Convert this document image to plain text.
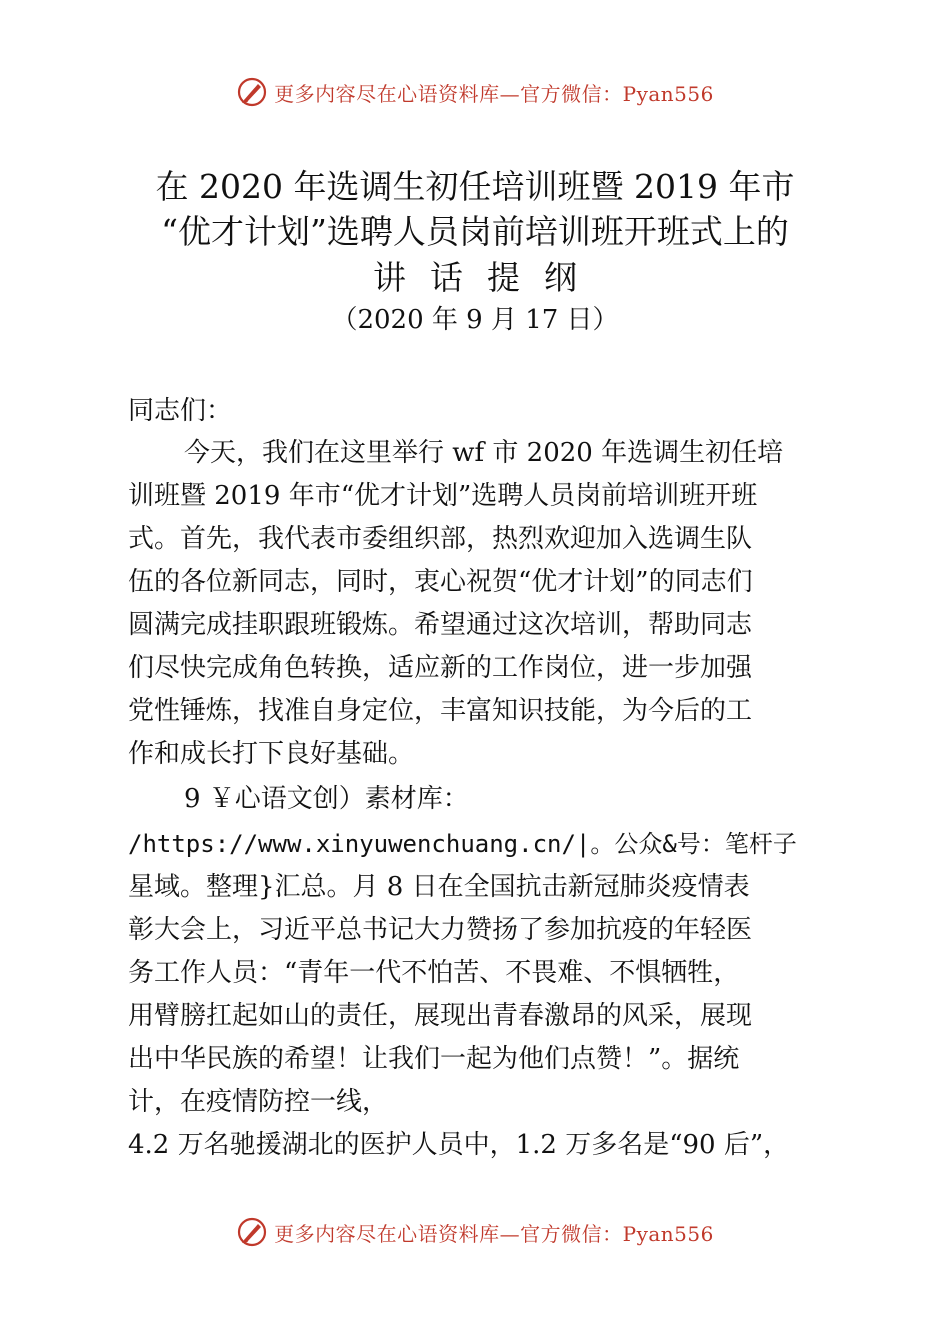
更多内容尽在心语资料库—官方微信：Pyan556
在 2020 年选调生初任培训班暨 2019 年市
“优才计划”选聘人员岗前培训班开班式上的
讲话提纲
（2020 年 9 月 17 日）
同志们：
今天，我们在这里举行 wf 市 2020 年选调生初任培
训班暨 2019 年市“优才计划”选聘人员岗前培训班开班
式。首先，我代表市委组织部，热烈欢迎加入选调生队
伍的各位新同志，同时，衷心祝贺“优才计划”的同志们
圆满完成挂职跟班锻炼。希望通过这次培训，帮助同志
们尽快完成角色转换，适应新的工作岗位，进一步加强
党性锤炼，找准自身定位，丰富知识技能，为今后的工
作和成长打下良好基础。
9 ￥心语文创）素材库：
/https://www.xinyuwenchuang.cn/|。公众&号：笔杆子
星域。整理}汇总。月 8 日在全国抗击新冠肺炎疫情表
彰大会上，习近平总书记大力赞扬了参加抗疫的年轻医
务工作人员：“青年一代不怕苦、不畏难、不惧牺牲，
用臂膀扛起如山的责任，展现出青春激昂的风采，展现
出中华民族的希望！让我们一起为他们点赞！”。据统
计，在疫情防控一线，
4.2 万名驰援湖北的医护人员中，1.2 万多名是“90 后”，
更多内容尽在心语资料库—官方微信：Pyan556
